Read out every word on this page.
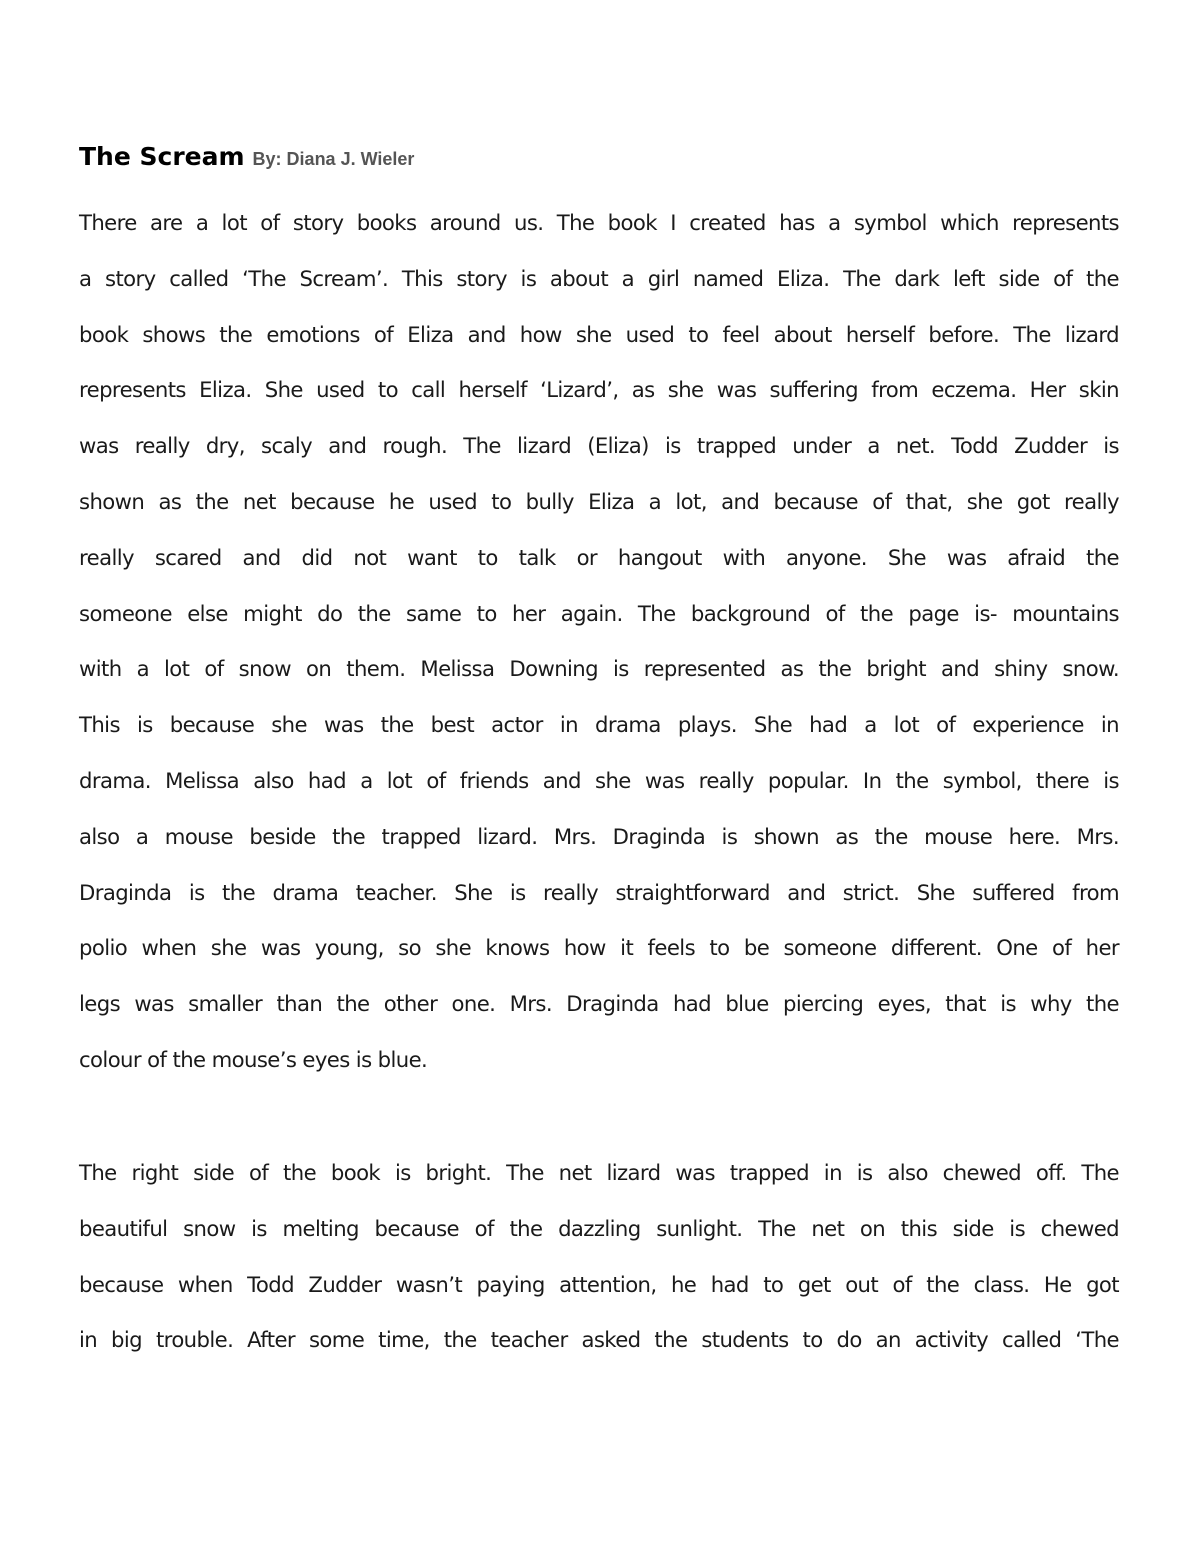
The Scream By: Diana J. Wieler
There are a lot of story books around us. The book I created has a symbol which represents
a story called ‘The Scream’. This story is about a girl named Eliza. The dark left side of the
book shows the emotions of Eliza and how she used to feel about herself before. The lizard
represents Eliza. She used to call herself ‘Lizard’, as she was suffering from eczema. Her skin
was really dry, scaly and rough. The lizard (Eliza) is trapped under a net. Todd Zudder is
shown as the net because he used to bully Eliza a lot, and because of that, she got really
really scared and did not want to talk or hangout with anyone. She was afraid the
someone else might do the same to her again. The background of the page is- mountains
with a lot of snow on them. Melissa Downing is represented as the bright and shiny snow.
This is because she was the best actor in drama plays. She had a lot of experience in
drama. Melissa also had a lot of friends and she was really popular. In the symbol, there is
also a mouse beside the trapped lizard. Mrs. Draginda is shown as the mouse here. Mrs.
Draginda is the drama teacher. She is really straightforward and strict. She suffered from
polio when she was young, so she knows how it feels to be someone different. One of her
legs was smaller than the other one. Mrs. Draginda had blue piercing eyes, that is why the
colour of the mouse’s eyes is blue.
The right side of the book is bright. The net lizard was trapped in is also chewed off. The
beautiful snow is melting because of the dazzling sunlight. The net on this side is chewed
because when Todd Zudder wasn’t paying attention, he had to get out of the class. He got
in big trouble. After some time, the teacher asked the students to do an activity called ‘The
